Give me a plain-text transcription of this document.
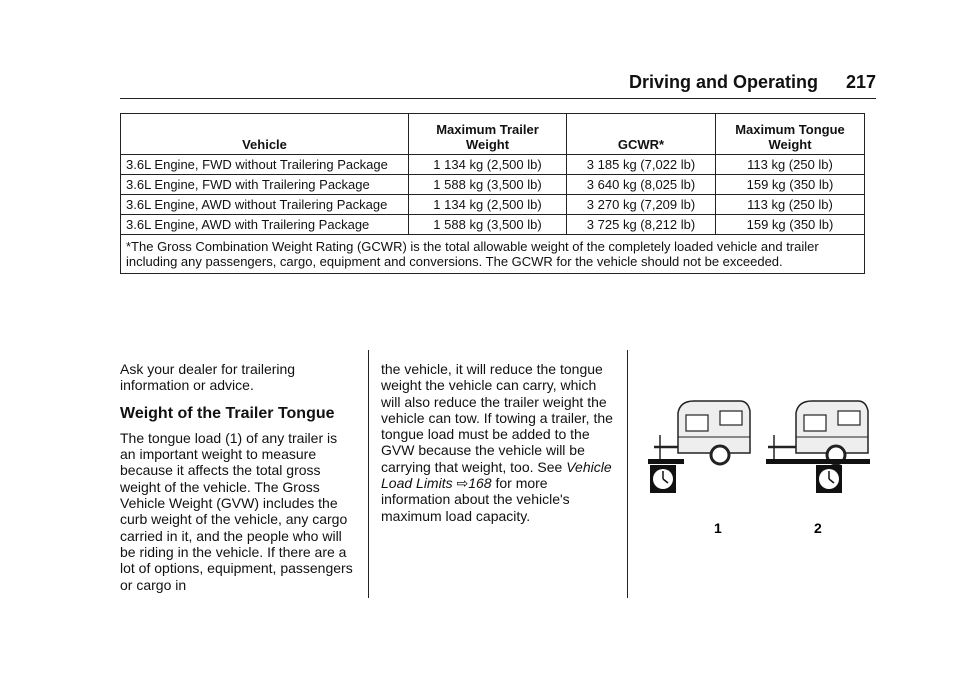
Driving and Operating 217
Vehicle	Maximum Trailer Weight	GCWR*	Maximum Tongue Weight
3.6L Engine, FWD without Trailering Package	1 134 kg (2,500 lb)	3 185 kg (7,022 lb)	113 kg (250 lb)
3.6L Engine, FWD with Trailering Package	1 588 kg (3,500 lb)	3 640 kg (8,025 lb)	159 kg (350 lb)
3.6L Engine, AWD without Trailering Package	1 134 kg (2,500 lb)	3 270 kg (7,209 lb)	113 kg (250 lb)
3.6L Engine, AWD with Trailering Package	1 588 kg (3,500 lb)	3 725 kg (8,212 lb)	159 kg (350 lb)
*The Gross Combination Weight Rating (GCWR) is the total allowable weight of the completely loaded vehicle and trailer including any passengers, cargo, equipment and conversions. The GCWR for the vehicle should not be exceeded.			

Ask your dealer for trailering information or advice.

Weight of the Trailer Tongue

The tongue load (1) of any trailer is an important weight to measure because it affects the total gross weight of the vehicle. The Gross Vehicle Weight (GVW) includes the curb weight of the vehicle, any cargo carried in it, and the people who will be riding in the vehicle. If there are a lot of options, equipment, passengers or cargo in

the vehicle, it will reduce the tongue weight the vehicle can carry, which will also reduce the trailer weight the vehicle can tow. If towing a trailer, the tongue load must be added to the GVW because the vehicle will be carrying that weight, too. See Vehicle Load Limits ⇨168 for more information about the vehicle's maximum load capacity.

1	2
